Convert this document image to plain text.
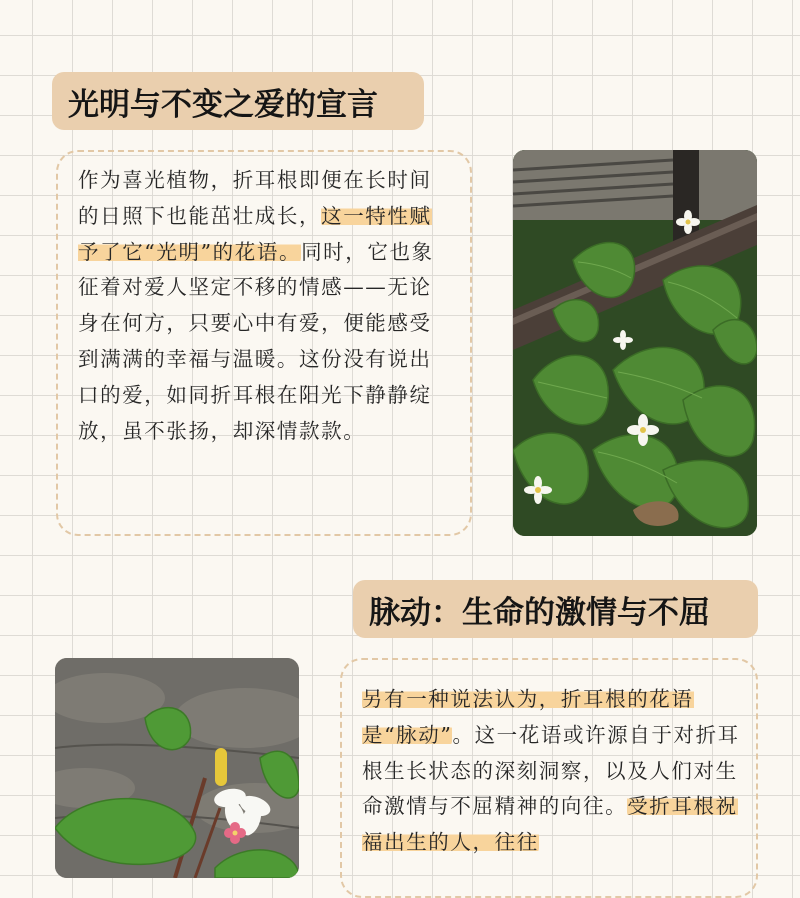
光明与不变之爱的宣言

作为喜光植物，折耳根即便在长时间的日照下也能茁壮成长，这一特性赋予了它“光明”的花语。同时，它也象征着对爱人坚定不移的情感——无论身在何方，只要心中有爱，便能感受到满满的幸福与温暖。这份没有说出口的爱，如同折耳根在阳光下静静绽放，虽不张扬，却深情款款。

脉动：生命的激情与不屈

另有一种说法认为，折耳根的花语是“脉动”。这一花语或许源自于对折耳根生长状态的深刻洞察，以及人们对生命激情与不屈精神的向往。受折耳根祝福出生的人，往往
